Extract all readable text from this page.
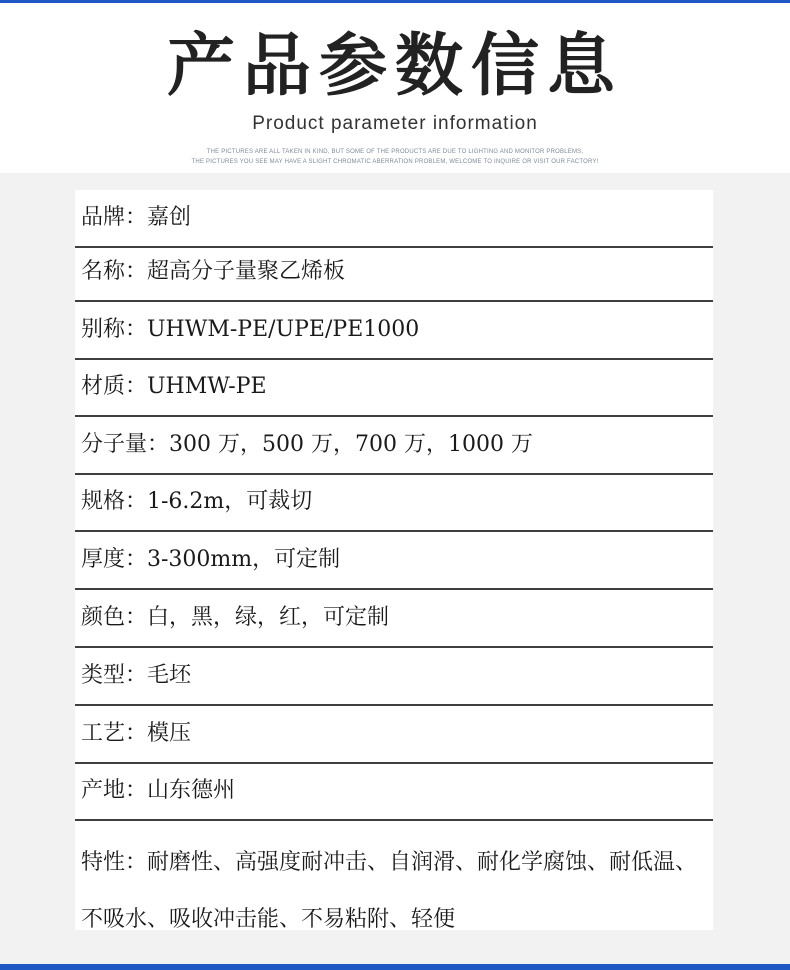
产品参数信息
Product parameter information
THE PICTURES ARE ALL TAKEN IN KIND, BUT SOME OF THE PRODUCTS ARE DUE TO LIGHTING AND MONITOR PROBLEMS,
THE PICTURES YOU SEE MAY HAVE A SLIGHT CHROMATIC ABERRATION PROBLEM, WELCOME TO INQUIRE OR VISIT OUR FACTORY!
品牌：嘉创
名称：超高分子量聚乙烯板
别称：UHWM-PE/UPE/PE1000
材质：UHMW-PE
分子量：300 万，500 万，700 万，1000 万
规格：1-6.2m，可裁切
厚度：3-300mm，可定制
颜色：白，黑，绿，红，可定制
类型：毛坯
工艺：模压
产地：山东德州
特性：耐磨性、高强度耐冲击、自润滑、耐化学腐蚀、耐低温、不吸水、吸收冲击能、不易粘附、轻便
